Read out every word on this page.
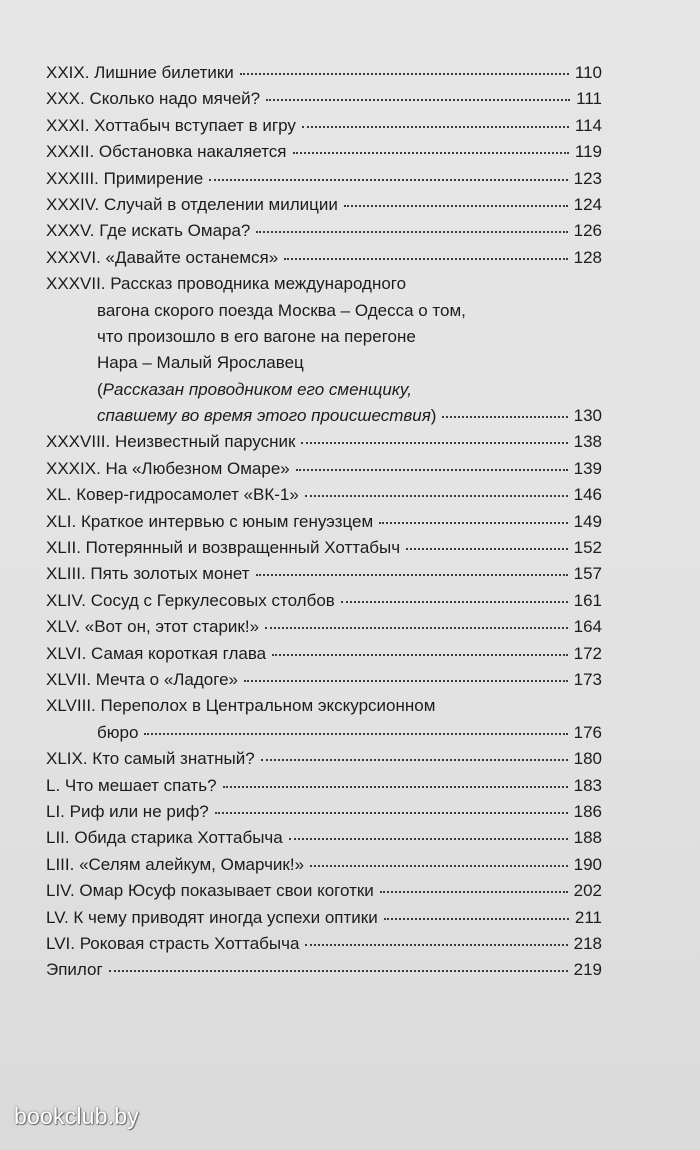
XXIX. Лишние билетики	110
XXX. Сколько надо мячей?	111
XXXI. Хоттабыч вступает в игру	114
XXXII. Обстановка накаляется	119
XXXIII. Примирение	123
XXXIV. Случай в отделении милиции	124
XXXV. Где искать Омара?	126
XXXVI. «Давайте останемся»	128
XXXVII. Рассказ проводника международного
вагона скорого поезда Москва – Одесса о том,
что произошло в его вагоне на перегоне
Нара – Малый Ярославец
(Рассказан проводником его сменщику,
спавшему во время этого происшествия)	130
XXXVIII. Неизвестный парусник	138
XXXIX. На «Любезном Омаре»	139
XL. Ковер-гидросамолет «ВК-1»	146
XLI. Краткое интервью с юным генуэзцем	149
XLII. Потерянный и возвращенный Хоттабыч	152
XLIII. Пять золотых монет	157
XLIV. Сосуд с Геркулесовых столбов	161
XLV. «Вот он, этот старик!»	164
XLVI. Самая короткая глава	172
XLVII. Мечта о «Ладоге»	173
XLVIII. Переполох в Центральном экскурсионном
бюро	176
XLIX. Кто самый знатный?	180
L. Что мешает спать?	183
LI. Риф или не риф?	186
LII. Обида старика Хоттабыча	188
LIII. «Селям алейкум, Омарчик!»	190
LIV. Омар Юсуф показывает свои коготки	202
LV. К чему приводят иногда успехи оптики	211
LVI. Роковая страсть Хоттабыча	218
Эпилог	219
bookclub.by
